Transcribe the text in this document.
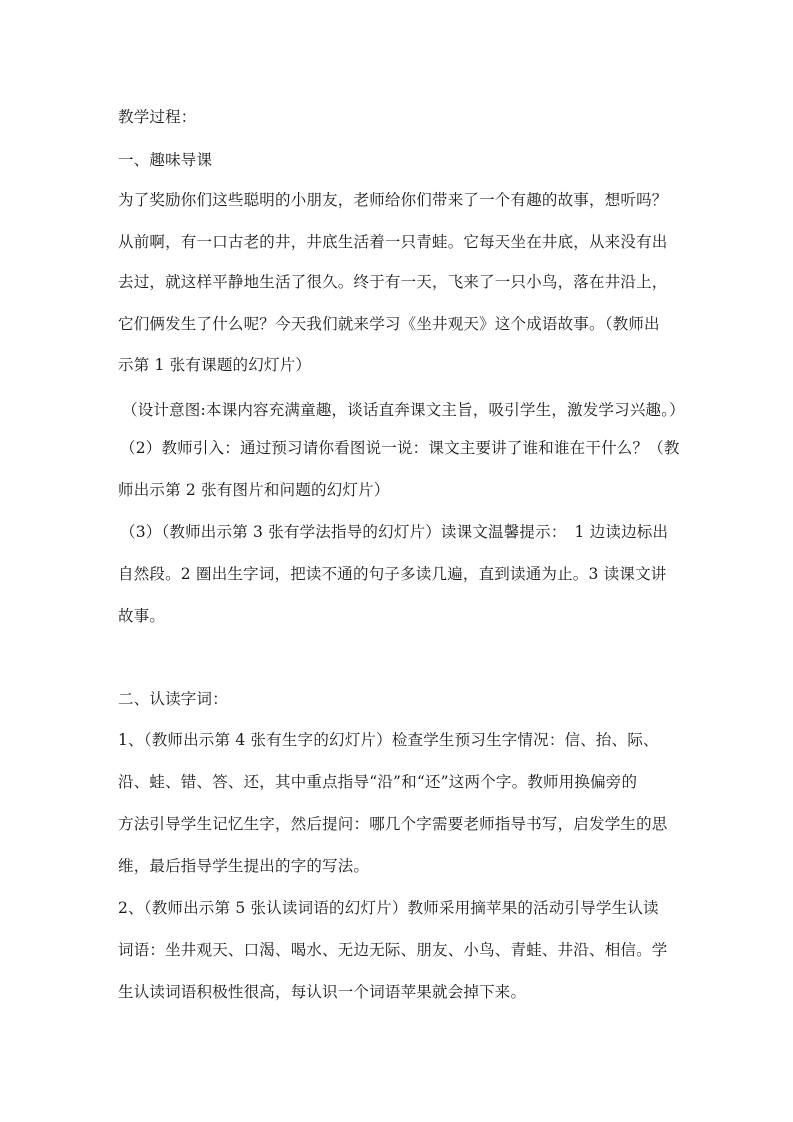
教学过程：
一、趣味导课
为了奖励你们这些聪明的小朋友，老师给你们带来了一个有趣的故事，想听吗？
从前啊，有一口古老的井，井底生活着一只青蛙。它每天坐在井底，从来没有出
去过，就这样平静地生活了很久。终于有一天，飞来了一只小鸟，落在井沿上，
它们俩发生了什么呢？今天我们就来学习《坐井观天》这个成语故事。（教师出
示第 1 张有课题的幻灯片）
（设计意图:本课内容充满童趣，谈话直奔课文主旨，吸引学生，激发学习兴趣。）
（2）教师引入：通过预习请你看图说一说：课文主要讲了谁和谁在干什么？（教
师出示第 2 张有图片和问题的幻灯片）
（3）（教师出示第 3 张有学法指导的幻灯片）读课文温馨提示：　1 边读边标出
自然段。2 圈出生字词，把读不通的句子多读几遍，直到读通为止。3 读课文讲
故事。
二、认读字词：
1、（教师出示第 4 张有生字的幻灯片）检查学生预习生字情况：信、抬、际、
沿、蛙、错、答、还，其中重点指导“沿”和“还”这两个字。教师用换偏旁的
方法引导学生记忆生字，然后提问：哪几个字需要老师指导书写，启发学生的思
维，最后指导学生提出的字的写法。
2、（教师出示第 5 张认读词语的幻灯片）教师采用摘苹果的活动引导学生认读
词语：坐井观天、口渴、喝水、无边无际、朋友、小鸟、青蛙、井沿、相信。学
生认读词语积极性很高，每认识一个词语苹果就会掉下来。
